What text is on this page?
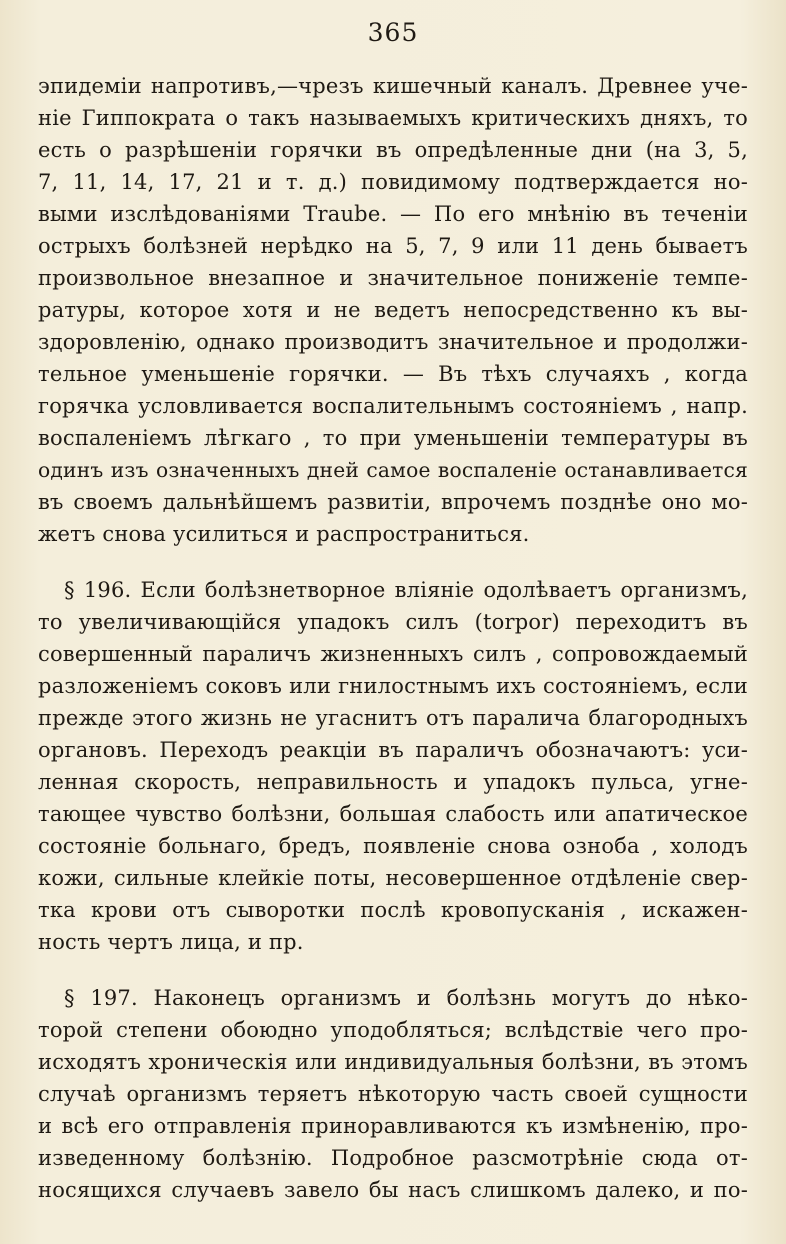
365
эпидемiи напротивъ,—чрезъ кишечный каналъ. Древнее уче-
нiе Гиппократа о такъ называемыхъ критическихъ дняхъ, то
есть о разрѣшенiи горячки въ опредѣленные дни (на 3, 5,
7, 11, 14, 17, 21 и т. д.) повидимому подтверждается но-
выми изслѣдованiями Traube. — По его мнѣнiю въ теченiи
острыхъ болѣзней нерѣдко на 5, 7, 9 или 11 день бываетъ
произвольное внезапное и значительное пониженiе темпе-
ратуры, которое хотя и не ведетъ непосредственно къ вы-
здоровленiю, однако производитъ значительное и продолжи-
тельное уменьшенiе горячки. — Въ тѣхъ случаяхъ , когда
горячка условливается воспалительнымъ состоянiемъ , напр.
воспаленiемъ лѣгкаго , то при уменьшенiи температуры въ
одинъ изъ означенныхъ дней самое воспаленiе останавливается
въ своемъ дальнѣйшемъ развитiи, впрочемъ позднѣе оно мо-
жетъ снова усилиться и распространиться.
§ 196. Если болѣзнетворное влiянiе одолѣваетъ организмъ,
то увеличивающiйся упадокъ силъ (torpor) переходитъ въ
совершенный параличъ жизненныхъ силъ , сопровождаемый
разложенiемъ соковъ или гнилостнымъ ихъ состоянiемъ, если
прежде этого жизнь не угаснитъ отъ паралича благородныхъ
органовъ. Переходъ реакцiи въ параличъ обозначаютъ: уси-
ленная скорость, неправильность и упадокъ пульса, угне-
тающее чувство болѣзни, большая слабость или апатическое
состоянiе больнаго, бредъ, появленiе снова озноба , холодъ
кожи, сильные клейкiе поты, несовершенное отдѣленiе свер-
тка крови отъ сыворотки послѣ кровопусканiя , искажен-
ность чертъ лица, и пр.
§ 197. Наконецъ организмъ и болѣзнь могутъ до нѣко-
торой степени обоюдно уподобляться; вслѣдствiе чего про-
исходятъ хроническiя или индивидуальныя болѣзни, въ этомъ
случаѣ организмъ теряетъ нѣкоторую часть своей сущности
и всѣ его отправленiя приноравливаются къ измѣненiю, про-
изведенному болѣзнiю. Подробное разсмотрѣнiе сюда от-
носящихся случаевъ завело бы насъ слишкомъ далеко, и по-
